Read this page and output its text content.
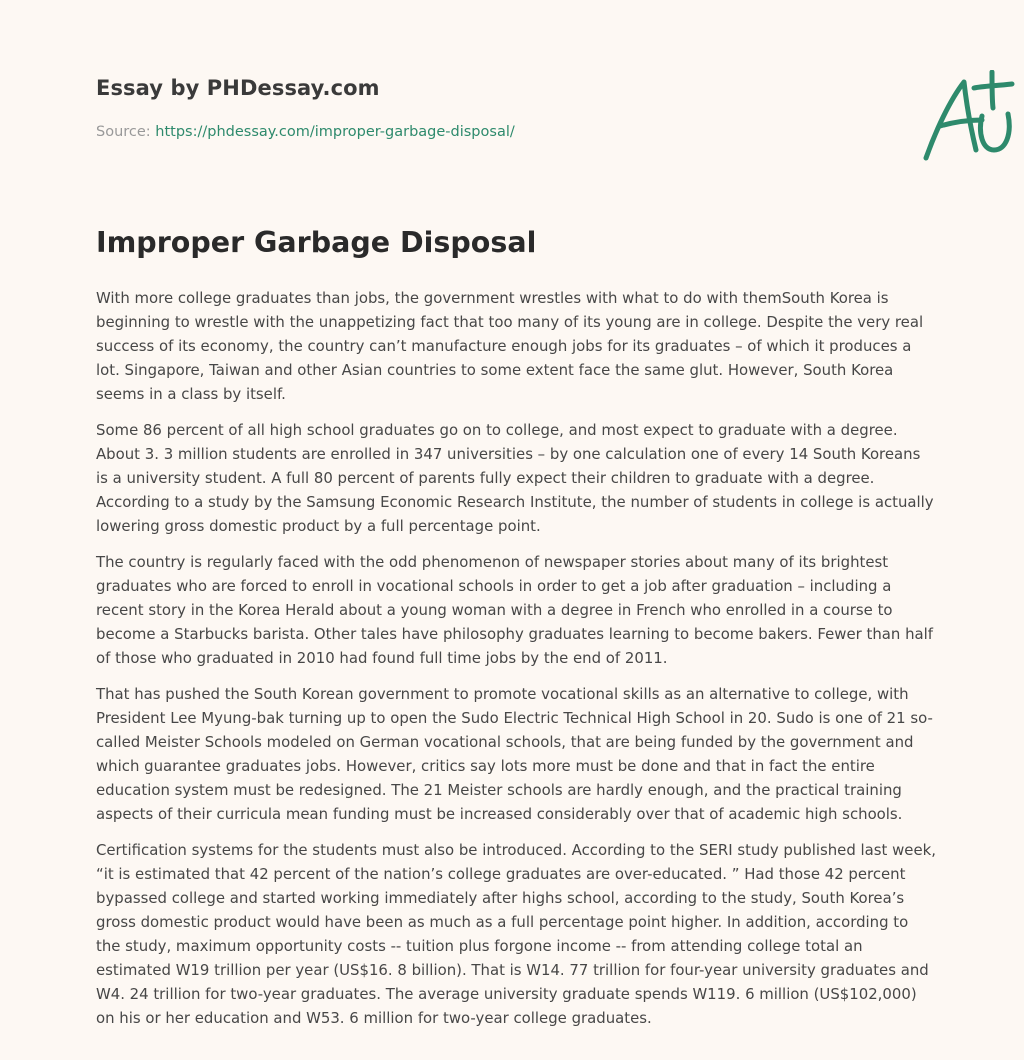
Essay by PHDessay.com
Source: https://phdessay.com/improper-garbage-disposal/
Improper Garbage Disposal

With more college graduates than jobs, the government wrestles with what to do with themSouth Korea is beginning to wrestle with the unappetizing fact that too many of its young are in college. Despite the very real success of its economy, the country can’t manufacture enough jobs for its graduates – of which it produces a lot. Singapore, Taiwan and other Asian countries to some extent face the same glut. However, South Korea seems in a class by itself.

Some 86 percent of all high school graduates go on to college, and most expect to graduate with a degree. About 3. 3 million students are enrolled in 347 universities – by one calculation one of every 14 South Koreans is a university student. A full 80 percent of parents fully expect their children to graduate with a degree. According to a study by the Samsung Economic Research Institute, the number of students in college is actually lowering gross domestic product by a full percentage point.

The country is regularly faced with the odd phenomenon of newspaper stories about many of its brightest graduates who are forced to enroll in vocational schools in order to get a job after graduation – including a recent story in the Korea Herald about a young woman with a degree in French who enrolled in a course to become a Starbucks barista. Other tales have philosophy graduates learning to become bakers. Fewer than half of those who graduated in 2010 had found full time jobs by the end of 2011.

That has pushed the South Korean government to promote vocational skills as an alternative to college, with President Lee Myung-bak turning up to open the Sudo Electric Technical High School in 20. Sudo is one of 21 so-called Meister Schools modeled on German vocational schools, that are being funded by the government and which guarantee graduates jobs. However, critics say lots more must be done and that in fact the entire education system must be redesigned. The 21 Meister schools are hardly enough, and the practical training aspects of their curricula mean funding must be increased considerably over that of academic high schools.

Certification systems for the students must also be introduced. According to the SERI study published last week, “it is estimated that 42 percent of the nation’s college graduates are over-educated. ” Had those 42 percent bypassed college and started working immediately after highs school, according to the study, South Korea’s gross domestic product would have been as much as a full percentage point higher. In addition, according to the study, maximum opportunity costs -- tuition plus forgone income -- from attending college total an estimated W19 trillion per year (US$16. 8 billion). That is W14. 77 trillion for four-year university graduates and W4. 24 trillion for two-year graduates. The average university graduate spends W119. 6 million (US$102,000) on his or her education and W53. 6 million for two-year college graduates.
